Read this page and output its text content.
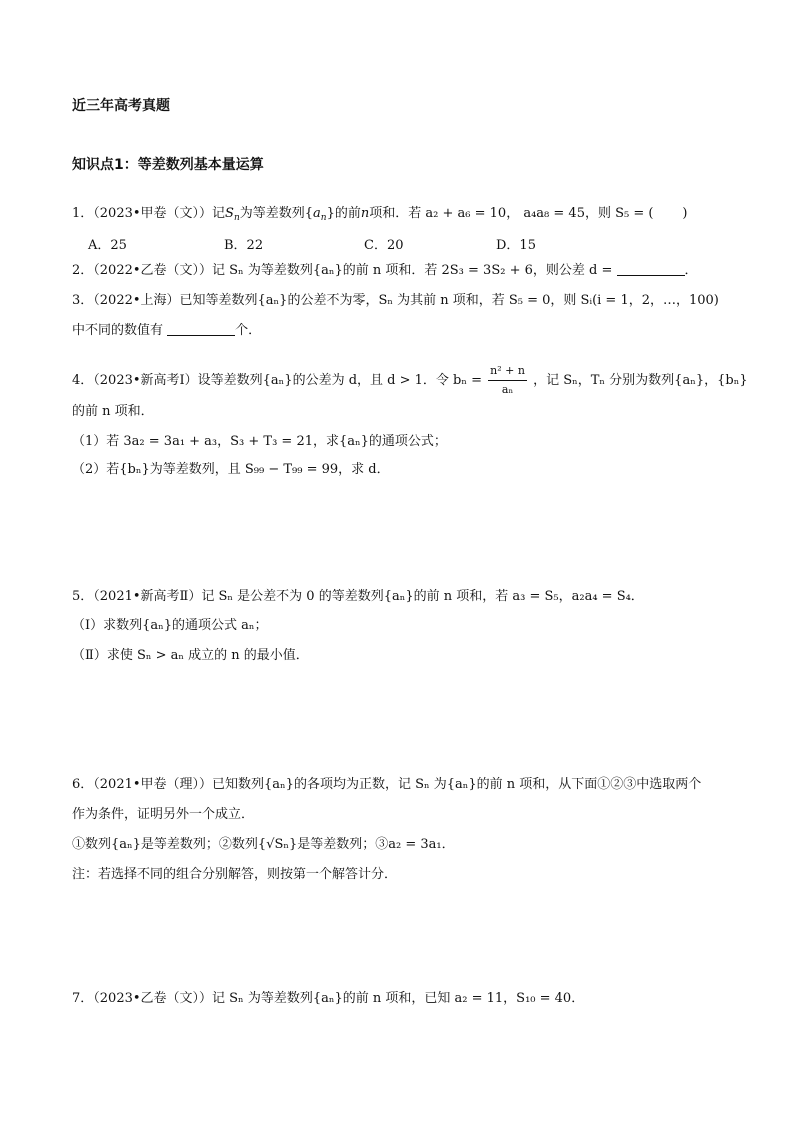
近三年高考真题
知识点1：等差数列基本量运算
1．（2023•甲卷（文））记$S_n$为等差数列$\{a_n\}$的前n项和．若 a₂ + a₆ = 10， a₄a₈ = 45，则 S₅ = ( )
A．25	B．22	C．20	D．15
2．（2022•乙卷（文））记 Sₙ 为等差数列{aₙ}的前 n 项和．若 2S₃ = 3S₂ + 6，则公差 d =	．
3．（2022•上海）已知等差数列{aₙ}的公差不为零，Sₙ 为其前 n 项和，若 S₅ = 0，则 Sᵢ(i = 1，2，…，100)
中不同的数值有	个．
4．（2023•新高考Ⅰ）设等差数列{aₙ}的公差为 d，且 d > 1．令 $b_n = \frac{\text{n² + n}}{\text{aₙ}}$ ，记 Sₙ，Tₙ 分别为数列{aₙ}，{bₙ}
的前 n 项和．
（1）若 3a₂ = 3a₁ + a₃，S₃ + T₃ = 21，求{aₙ}的通项公式；
（2）若{bₙ}为等差数列，且 S₉₉ − T₉₉ = 99，求 d．
5．（2021•新高考Ⅱ）记 Sₙ 是公差不为 0 的等差数列{aₙ}的前 n 项和，若 a₃ = S₅，a₂a₄ = S₄．
（Ⅰ）求数列{aₙ}的通项公式 aₙ；
（Ⅱ）求使 Sₙ > aₙ 成立的 n 的最小值．
6．（2021•甲卷（理））已知数列{aₙ}的各项均为正数，记 Sₙ 为{aₙ}的前 n 项和，从下面①②③中选取两个
作为条件，证明另外一个成立．
①数列{aₙ}是等差数列；②数列{√Sₙ}是等差数列；③a₂ = 3a₁．
注：若选择不同的组合分别解答，则按第一个解答计分．
7．（2023•乙卷（文））记 Sₙ 为等差数列{aₙ}的前 n 项和，已知 a₂ = 11，S₁₀ = 40．
